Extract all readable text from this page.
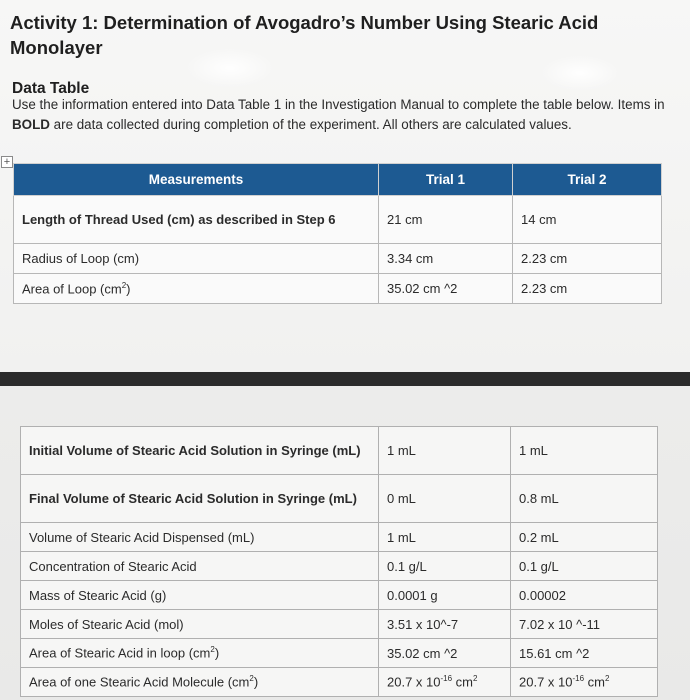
Activity 1: Determination of Avogadro’s Number Using Stearic Acid Monolayer
Data Table
Use the information entered into Data Table 1 in the Investigation Manual to complete the table below. Items in BOLD are data collected during completion of the experiment. All others are calculated values.
+
Measurements	Trial 1	Trial 2
Length of Thread Used (cm) as described in Step 6	21 cm	14 cm
Radius of Loop (cm)	3.34 cm	2.23 cm
Area of Loop $(cm^2)$	35.02 cm ^2	2.23 cm
Initial Volume of Stearic Acid Solution in Syringe (mL)	1 mL	1 mL
Final Volume of Stearic Acid Solution in Syringe (mL)	0 mL	0.8 mL
Volume of Stearic Acid Dispensed (mL)	1 mL	0.2 mL
Concentration of Stearic Acid	0.1 g/L	0.1 g/L
Mass of Stearic Acid (g)	0.0001 g	0.00002
Moles of Stearic Acid (mol)	3.51 x 10^-7	7.02 x 10 ^-11
Area of Stearic Acid in loop $(cm^2)$	35.02 cm ^2	15.61 cm ^2
Area of one Stearic Acid Molecule $(cm^2)$	20.7 x $10^{-16}$ $cm^2$	20.7 x $10^{-16}$ $cm^2$
